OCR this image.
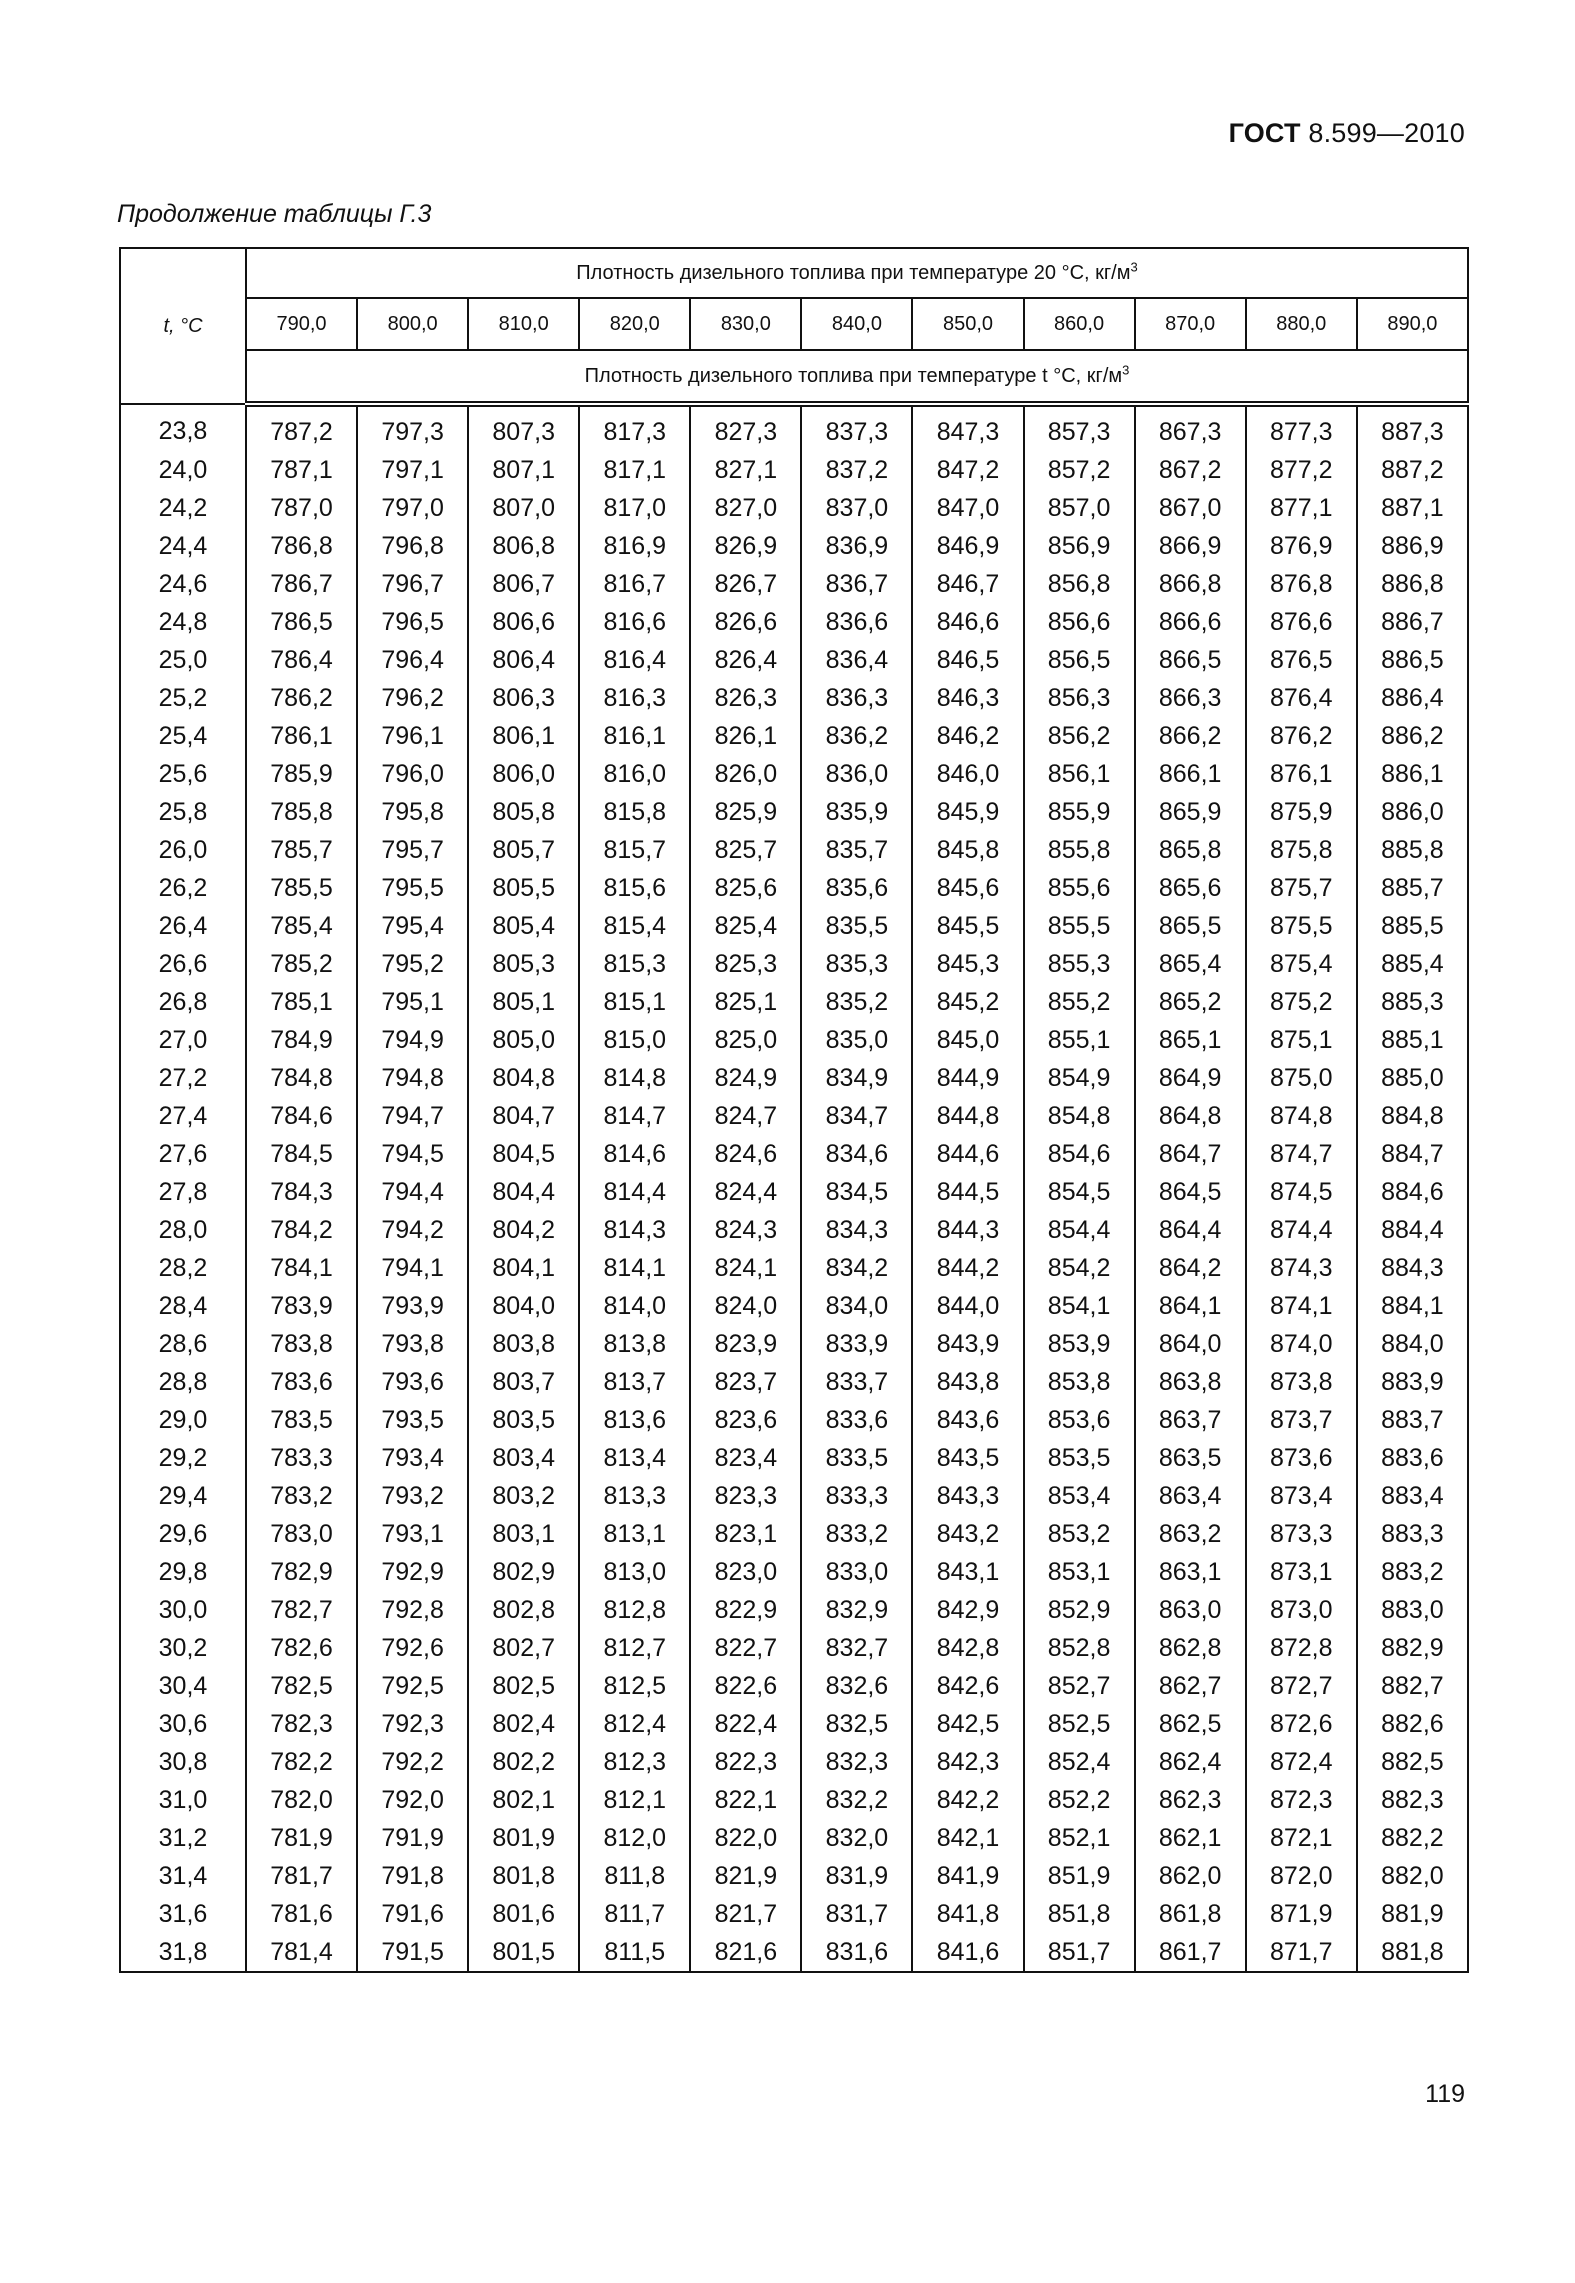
ГОСТ 8.599—2010
Продолжение таблицы Г.3
t, °C	Плотность дизельного топлива при температуре 20 °C, $кг/м^3$
	790,0	800,0	810,0	820,0	830,0	840,0	850,0	860,0	870,0	880,0	890,0
	Плотность дизельного топлива при температуре t °C, $кг/м^3$
23,8	787,2	797,3	807,3	817,3	827,3	837,3	847,3	857,3	867,3	877,3	887,3
24,0	787,1	797,1	807,1	817,1	827,1	837,2	847,2	857,2	867,2	877,2	887,2
24,2	787,0	797,0	807,0	817,0	827,0	837,0	847,0	857,0	867,0	877,1	887,1
24,4	786,8	796,8	806,8	816,9	826,9	836,9	846,9	856,9	866,9	876,9	886,9
24,6	786,7	796,7	806,7	816,7	826,7	836,7	846,7	856,8	866,8	876,8	886,8
24,8	786,5	796,5	806,6	816,6	826,6	836,6	846,6	856,6	866,6	876,6	886,7
25,0	786,4	796,4	806,4	816,4	826,4	836,4	846,5	856,5	866,5	876,5	886,5
25,2	786,2	796,2	806,3	816,3	826,3	836,3	846,3	856,3	866,3	876,4	886,4
25,4	786,1	796,1	806,1	816,1	826,1	836,2	846,2	856,2	866,2	876,2	886,2
25,6	785,9	796,0	806,0	816,0	826,0	836,0	846,0	856,1	866,1	876,1	886,1
25,8	785,8	795,8	805,8	815,8	825,9	835,9	845,9	855,9	865,9	875,9	886,0
26,0	785,7	795,7	805,7	815,7	825,7	835,7	845,8	855,8	865,8	875,8	885,8
26,2	785,5	795,5	805,5	815,6	825,6	835,6	845,6	855,6	865,6	875,7	885,7
26,4	785,4	795,4	805,4	815,4	825,4	835,5	845,5	855,5	865,5	875,5	885,5
26,6	785,2	795,2	805,3	815,3	825,3	835,3	845,3	855,3	865,4	875,4	885,4
26,8	785,1	795,1	805,1	815,1	825,1	835,2	845,2	855,2	865,2	875,2	885,3
27,0	784,9	794,9	805,0	815,0	825,0	835,0	845,0	855,1	865,1	875,1	885,1
27,2	784,8	794,8	804,8	814,8	824,9	834,9	844,9	854,9	864,9	875,0	885,0
27,4	784,6	794,7	804,7	814,7	824,7	834,7	844,8	854,8	864,8	874,8	884,8
27,6	784,5	794,5	804,5	814,6	824,6	834,6	844,6	854,6	864,7	874,7	884,7
27,8	784,3	794,4	804,4	814,4	824,4	834,5	844,5	854,5	864,5	874,5	884,6
28,0	784,2	794,2	804,2	814,3	824,3	834,3	844,3	854,4	864,4	874,4	884,4
28,2	784,1	794,1	804,1	814,1	824,1	834,2	844,2	854,2	864,2	874,3	884,3
28,4	783,9	793,9	804,0	814,0	824,0	834,0	844,0	854,1	864,1	874,1	884,1
28,6	783,8	793,8	803,8	813,8	823,9	833,9	843,9	853,9	864,0	874,0	884,0
28,8	783,6	793,6	803,7	813,7	823,7	833,7	843,8	853,8	863,8	873,8	883,9
29,0	783,5	793,5	803,5	813,6	823,6	833,6	843,6	853,6	863,7	873,7	883,7
29,2	783,3	793,4	803,4	813,4	823,4	833,5	843,5	853,5	863,5	873,6	883,6
29,4	783,2	793,2	803,2	813,3	823,3	833,3	843,3	853,4	863,4	873,4	883,4
29,6	783,0	793,1	803,1	813,1	823,1	833,2	843,2	853,2	863,2	873,3	883,3
29,8	782,9	792,9	802,9	813,0	823,0	833,0	843,1	853,1	863,1	873,1	883,2
30,0	782,7	792,8	802,8	812,8	822,9	832,9	842,9	852,9	863,0	873,0	883,0
30,2	782,6	792,6	802,7	812,7	822,7	832,7	842,8	852,8	862,8	872,8	882,9
30,4	782,5	792,5	802,5	812,5	822,6	832,6	842,6	852,7	862,7	872,7	882,7
30,6	782,3	792,3	802,4	812,4	822,4	832,5	842,5	852,5	862,5	872,6	882,6
30,8	782,2	792,2	802,2	812,3	822,3	832,3	842,3	852,4	862,4	872,4	882,5
31,0	782,0	792,0	802,1	812,1	822,1	832,2	842,2	852,2	862,3	872,3	882,3
31,2	781,9	791,9	801,9	812,0	822,0	832,0	842,1	852,1	862,1	872,1	882,2
31,4	781,7	791,8	801,8	811,8	821,9	831,9	841,9	851,9	862,0	872,0	882,0
31,6	781,6	791,6	801,6	811,7	821,7	831,7	841,8	851,8	861,8	871,9	881,9
31,8	781,4	791,5	801,5	811,5	821,6	831,6	841,6	851,7	861,7	871,7	881,8
119
